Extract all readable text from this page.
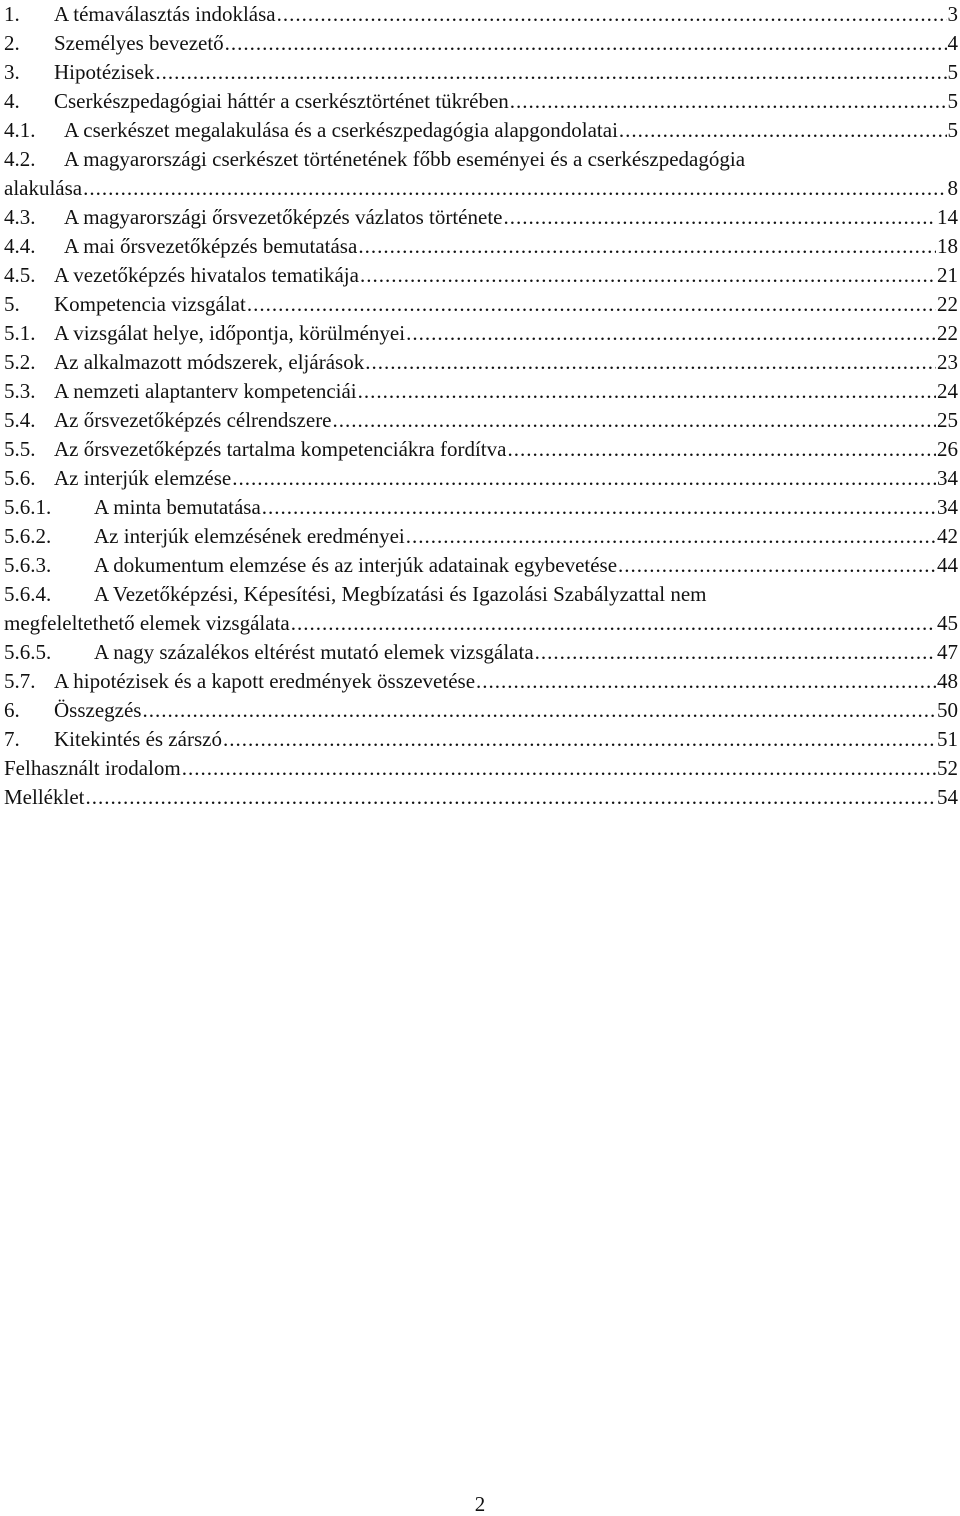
1.	A témaválasztás indoklása .....	3
2.	Személyes bevezető .....	4
3.	Hipotézisek .....	5
4.	Cserkészpedagógiai háttér a cserkésztörténet tükrében .....	5
4.1.	A cserkészet megalakulása és a cserkészpedagógia alapgondolatai .....	5
4.2.	A magyarországi cserkészet történetének főbb eseményei és a cserkészpedagógia
alakulása .....	8
4.3.	A magyarországi őrsvezetőképzés vázlatos története .....	14
4.4.	A mai őrsvezetőképzés bemutatása .....	18
4.5. A vezetőképzés hivatalos tematikája .....	21
5.	Kompetencia vizsgálat .....	22
5.1. A vizsgálat helye, időpontja, körülményei .....	22
5.2. Az alkalmazott módszerek, eljárások .....	23
5.3. A nemzeti alaptanterv kompetenciái .....	24
5.4. Az őrsvezetőképzés célrendszere .....	25
5.5. Az őrsvezetőképzés tartalma kompetenciákra fordítva .....	26
5.6. Az interjúk elemzése .....	34
5.6.1.	A minta bemutatása .....	34
5.6.2.	Az interjúk elemzésének eredményei .....	42
5.6.3.	A dokumentum elemzése és az interjúk adatainak egybevetése .....	44
5.6.4.	A Vezetőképzési, Képesítési, Megbízatási és Igazolási Szabályzattal nem
megfeleltethető elemek vizsgálata .....	45
5.6.5.	A nagy százalékos eltérést mutató elemek vizsgálata .....	47
5.7. A hipotézisek és a kapott eredmények összevetése .....	48
6.	Összegzés .....	50
7.	Kitekintés és zárszó .....	51
Felhasznált irodalom .....	52
Melléklet .....	54
2
